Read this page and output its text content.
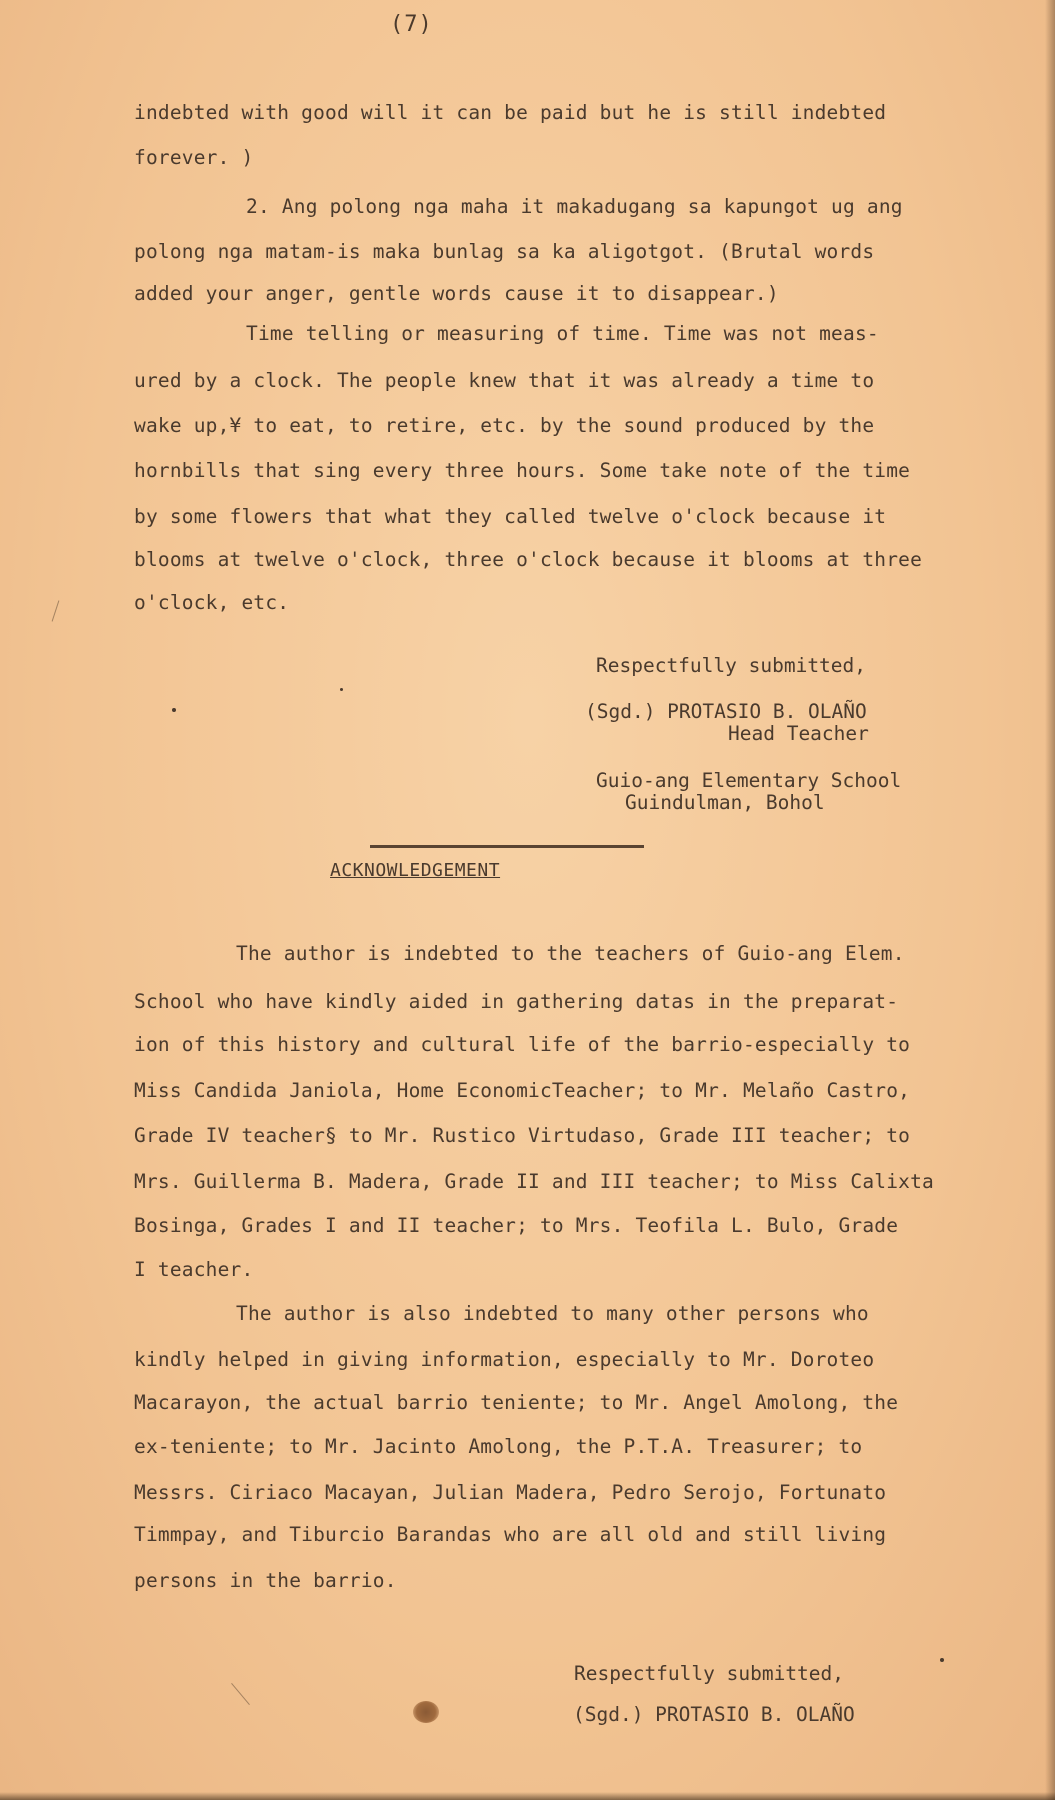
(7)
indebted with good will it can be paid but he is still indebted
forever. )
2. Ang polong nga maha it makadugang sa kapungot ug ang
polong nga matam-is maka bunlag sa ka aligotgot. (Brutal words
added your anger, gentle words cause it to disappear.)
Time telling or measuring of time. Time was not meas-
ured by a clock. The people knew that it was already a time to
wake up,¥ to eat, to retire, etc. by the sound produced by the
hornbills that sing every three hours. Some take note of the time
by some flowers that what they called twelve o'clock because it
blooms at twelve o'clock, three o'clock because it blooms at three
o'clock, etc.
Respectfully submitted,
(Sgd.) PROTASIO B. OLAÑO
Head Teacher
Guio-ang Elementary School
Guindulman, Bohol
ACKNOWLEDGEMENT
The author is indebted to the teachers of Guio-ang Elem.
School who have kindly aided in gathering datas in the preparat-
ion of this history and cultural life of the barrio-especially to
Miss Candida Janiola, Home EconomicTeacher; to Mr. Melaño Castro,
Grade IV teacher§ to Mr. Rustico Virtudaso, Grade III teacher; to
Mrs. Guillerma B. Madera, Grade II and III teacher; to Miss Calixta
Bosinga, Grades I and II teacher; to Mrs. Teofila L. Bulo, Grade
I teacher.
The author is also indebted to many other persons who
kindly helped in giving information, especially to Mr. Doroteo
Macarayon, the actual barrio teniente; to Mr. Angel Amolong, the
ex-teniente; to Mr. Jacinto Amolong, the P.T.A. Treasurer; to
Messrs. Ciriaco Macayan, Julian Madera, Pedro Serojo, Fortunato
Timmpay, and Tiburcio Barandas who are all old and still living
persons in the barrio.
Respectfully submitted,
(Sgd.) PROTASIO B. OLAÑO
